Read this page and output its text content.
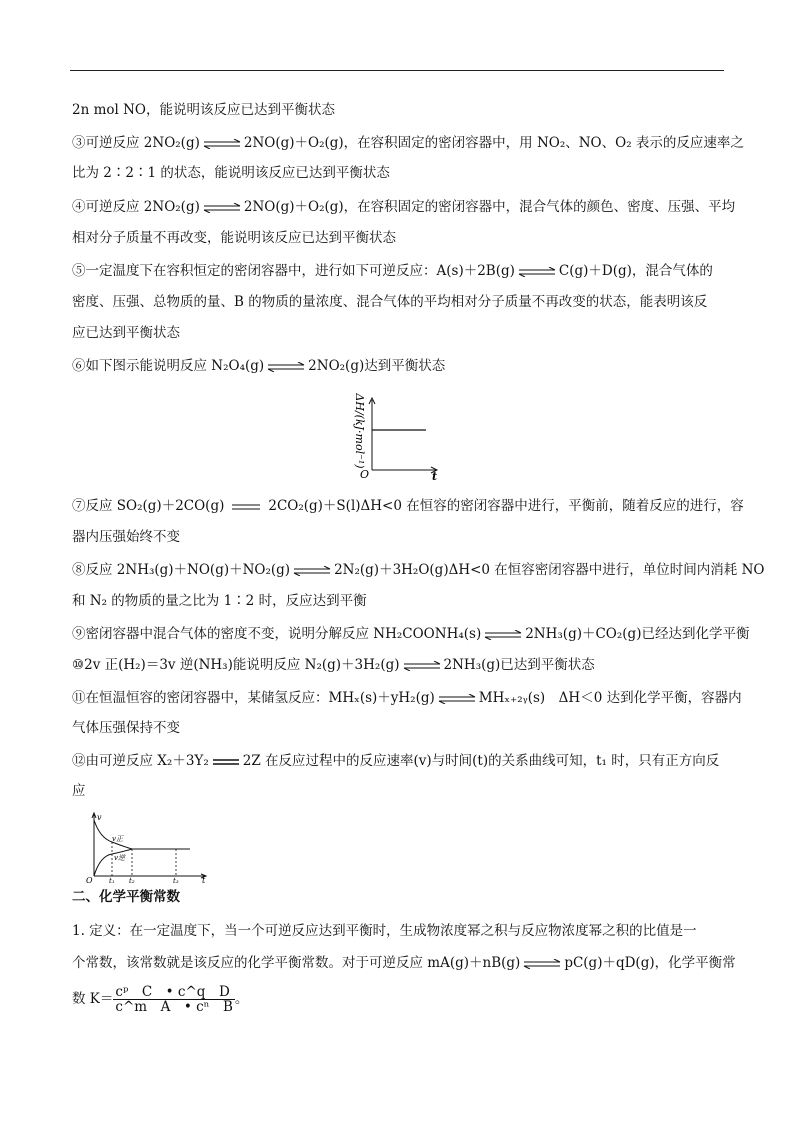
2n mol NO，能说明该反应已达到平衡状态
③可逆反应 2NO₂(g) ⇌ 2NO(g)＋O₂(g)，在容积固定的密闭容器中，用 NO₂、NO、O₂ 表示的反应速率之
比为 2∶2∶1 的状态，能说明该反应已达到平衡状态
④可逆反应 2NO₂(g) ⇌ 2NO(g)＋O₂(g)，在容积固定的密闭容器中，混合气体的颜色、密度、压强、平均
相对分子质量不再改变，能说明该反应已达到平衡状态
⑤一定温度下在容积恒定的密闭容器中，进行如下可逆反应：A(s)＋2B(g) ⇌ C(g)＋D(g)，混合气体的
密度、压强、总物质的量、B 的物质的量浓度、混合气体的平均相对分子质量不再改变的状态，能表明该反
应已达到平衡状态
⑥如下图示能说明反应 N₂O₄(g) ⇌ 2NO₂(g)达到平衡状态
ΔH/(kJ·mol⁻¹)
O	t
⑦反应 SO₂(g)＋2CO(g)	2CO₂(g)＋S(l)ΔH<0 在恒容的密闭容器中进行，平衡前，随着反应的进行，容
器内压强始终不变
⑧反应 2NH₃(g)＋NO(g)＋NO₂(g) ⇌ 2N₂(g)＋3H₂O(g)ΔH<0 在恒容密闭容器中进行，单位时间内消耗 NO
和 N₂ 的物质的量之比为 1∶2 时，反应达到平衡
⑨密闭容器中混合气体的密度不变，说明分解反应 NH₂COONH₄(s) ⇌ 2NH₃(g)＋CO₂(g)已经达到化学平衡
⑩2v 正(H₂)＝3v 逆(NH₃)能说明反应 N₂(g)＋3H₂(g) ⇌ 2NH₃(g)已达到平衡状态
⑪在恒温恒容的密闭容器中，某储氢反应：MHₓ(s)＋yH₂(g) ⇌ MHₓ₊₂ᵧ(s)　ΔH＜0 达到化学平衡，容器内
气体压强保持不变
⑫由可逆反应 X₂＋3Y₂	2Z 在反应过程中的反应速率(v)与时间(t)的关系曲线可知，t₁ 时，只有正方向反
应
v
v正
v逆
O t₁ t₂	t₃	t
二、化学平衡常数
1. 定义：在一定温度下，当一个可逆反应达到平衡时，生成物浓度幂之积与反应物浓度幂之积的比值是一
个常数，该常数就是该反应的化学平衡常数。对于可逆反应 mA(g)＋nB(g) ⇌ pC(g)＋qD(g)，化学平衡常
数 $K= \frac{\text{cᵖ　C　• c\textasciicircum{}q　D}}{\text{c\textasciicircum{}m　A　• cⁿ　B}}$ 。
